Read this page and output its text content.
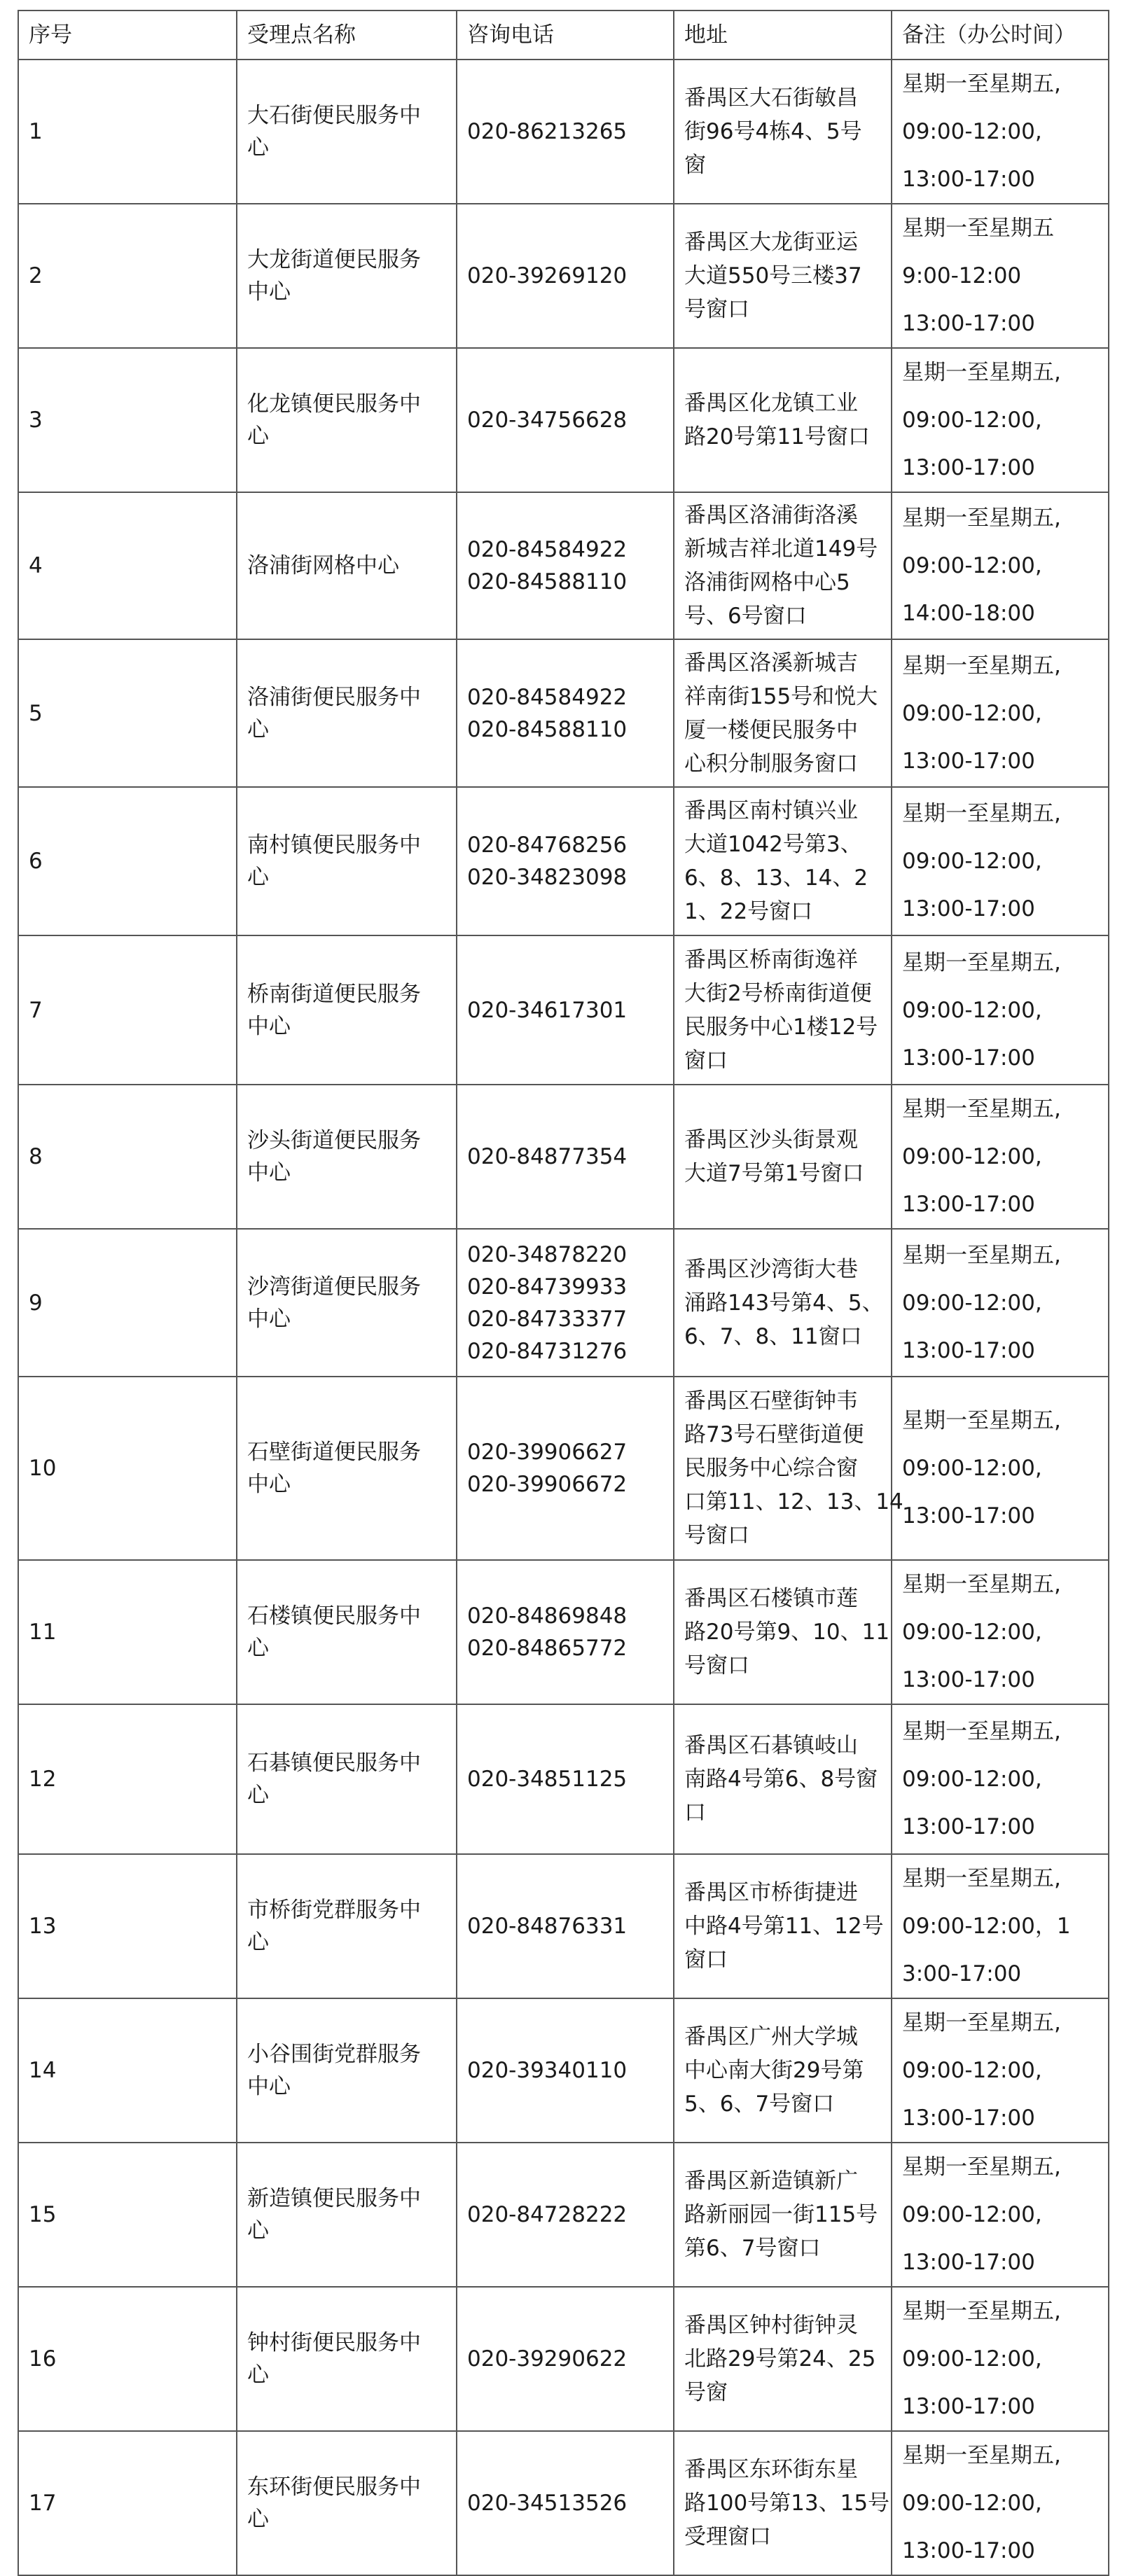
序号	受理点名称	咨询电话	地址	备注（办公时间）

1	大石街便民服务中
心	020-86213265	番禺区大石街敏昌
街96号4栋4、5号
窗	星期一至星期五,
09:00-12:00,
13:00-17:00

2	大龙街道便民服务
中心	020-39269120	番禺区大龙街亚运
大道550号三楼37
号窗口	星期一至星期五
9:00-12:00
13:00-17:00

3	化龙镇便民服务中
心	020-34756628	番禺区化龙镇工业
路20号第11号窗口	星期一至星期五,
09:00-12:00,
13:00-17:00

4	洛浦街网格中心	020-84584922
020-84588110	番禺区洛浦街洛溪
新城吉祥北道149号
洛浦街网格中心5
号、6号窗口	星期一至星期五,
09:00-12:00,
14:00-18:00

5	洛浦街便民服务中
心	020-84584922
020-84588110	番禺区洛溪新城吉
祥南街155号和悦大
厦一楼便民服务中
心积分制服务窗口	星期一至星期五,
09:00-12:00,
13:00-17:00

6	南村镇便民服务中
心	020-84768256
020-34823098	番禺区南村镇兴业
大道1042号第3、
6、8、13、14、2
1、22号窗口	星期一至星期五,
09:00-12:00,
13:00-17:00

7	桥南街道便民服务
中心	020-34617301	番禺区桥南街逸祥
大街2号桥南街道便
民服务中心1楼12号
窗口	星期一至星期五,
09:00-12:00,
13:00-17:00

8	沙头街道便民服务
中心	020-84877354	番禺区沙头街景观
大道7号第1号窗口	星期一至星期五,
09:00-12:00,
13:00-17:00

9	沙湾街道便民服务
中心	020-34878220
020-84739933
020-84733377
020-84731276	番禺区沙湾街大巷
涌路143号第4、5、
6、7、8、11窗口	星期一至星期五,
09:00-12:00,
13:00-17:00

10	石壁街道便民服务
中心	020-39906627
020-39906672	番禺区石壁街钟韦
路73号石壁街道便
民服务中心综合窗
口第11、12、13、14
号窗口	星期一至星期五,
09:00-12:00,
13:00-17:00

11	石楼镇便民服务中
心	020-84869848
020-84865772	番禺区石楼镇市莲
路20号第9、10、11
号窗口	星期一至星期五,
09:00-12:00,
13:00-17:00

12	石碁镇便民服务中
心	020-34851125	番禺区石碁镇岐山
南路4号第6、8号窗
口	星期一至星期五,
09:00-12:00,
13:00-17:00

13	市桥街党群服务中
心	020-84876331	番禺区市桥街捷进
中路4号第11、12号
窗口	星期一至星期五,
09:00-12:00，1
3:00-17:00

14	小谷围街党群服务
中心	020-39340110	番禺区广州大学城
中心南大街29号第
5、6、7号窗口	星期一至星期五,
09:00-12:00,
13:00-17:00

15	新造镇便民服务中
心	020-84728222	番禺区新造镇新广
路新丽园一街115号
第6、7号窗口	星期一至星期五,
09:00-12:00,
13:00-17:00

16	钟村街便民服务中
心	020-39290622	番禺区钟村街钟灵
北路29号第24、25
号窗	星期一至星期五,
09:00-12:00,
13:00-17:00

17	东环街便民服务中
心	020-34513526	番禺区东环街东星
路100号第13、15号
受理窗口	星期一至星期五,
09:00-12:00,
13:00-17:00
